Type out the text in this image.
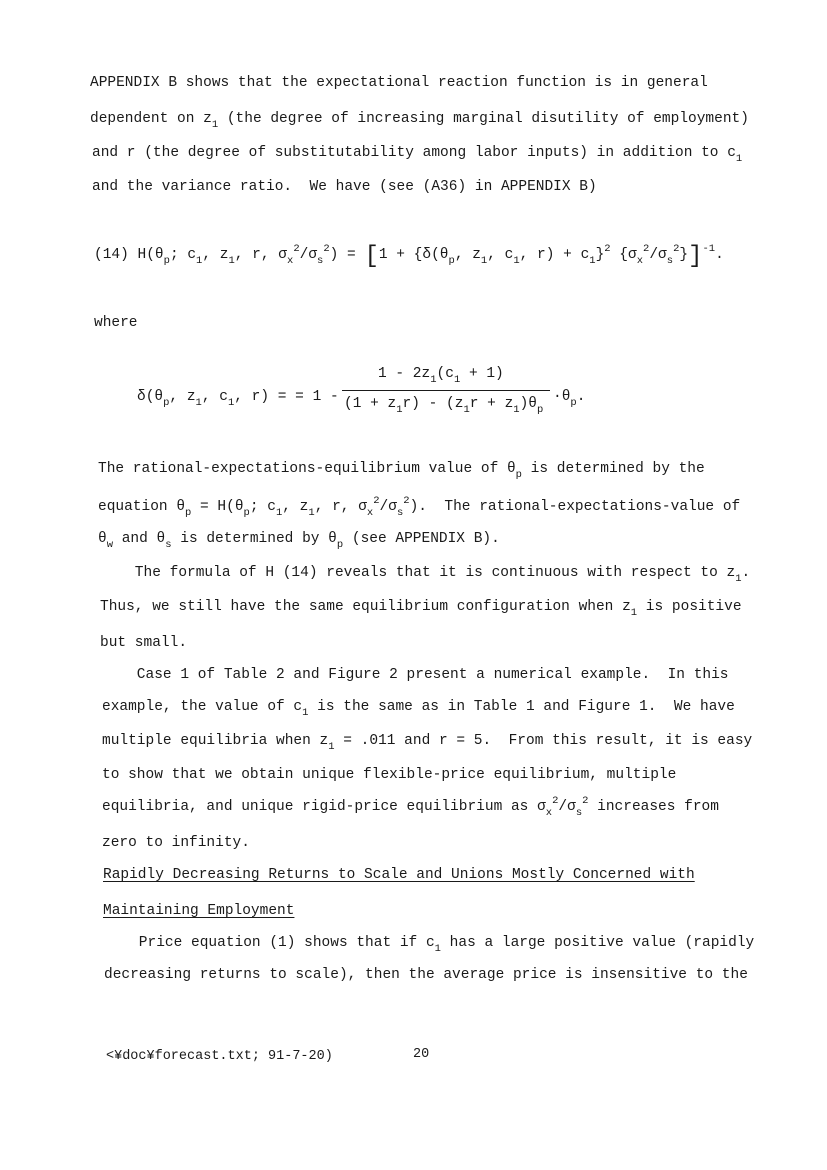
APPENDIX B shows that the expectational reaction function is in general
dependent on $z_1$ (the degree of increasing marginal disutility of employment)
and r (the degree of substitutability among labor inputs) in addition to $c_1$
and the variance ratio.  We have (see (A36) in APPENDIX B)
(14) $H(\theta_p$; $c_1$, $z_1$, r, $\sigma_x^2/\sigma_s^2) = [1 + \{\delta(\theta_p$, $z_1$, $c_1$, $r) + c_1\}^2$ $\{\sigma_x^2/\sigma_s^2\}]^{-1}$.
where
$\delta(\theta_p$, $z_1$, $c_1$, r) = = 1 -
$1 - 2z_1(c_1 + 1)$
$(1 + z_1r) - (z_1r + z_1)\theta_p$
$\cdot\theta_p$.
The rational-expectations-equilibrium value of $\theta_p$ is determined by the
equation $\theta_p = H(\theta_p$; $c_1$, $z_1$, r, $\sigma_x^2/\sigma_s^2$).  The rational-expectations-value of
$\theta_w$ and $\theta_s$ is determined by $\theta_p$ (see APPENDIX B).
The formula of H (14) reveals that it is continuous with respect to $z_1$.
Thus, we still have the same equilibrium configuration when $z_1$ is positive
but small.
Case 1 of Table 2 and Figure 2 present a numerical example.  In this
example, the value of $c_1$ is the same as in Table 1 and Figure 1.  We have
multiple equilibria when $z_1 = .011$ and r = 5.  From this result, it is easy
to show that we obtain unique flexible-price equilibrium, multiple
equilibria, and unique rigid-price equilibrium as $\sigma_x^2/\sigma_s^2$ increases from
zero to infinity.
Rapidly Decreasing Returns to Scale and Unions Mostly Concerned with
Maintaining Employment
Price equation (1) shows that if $c_1$ has a large positive value (rapidly
decreasing returns to scale), then the average price is insensitive to the
<¥doc¥forecast.txt; 91-7-20)	20
